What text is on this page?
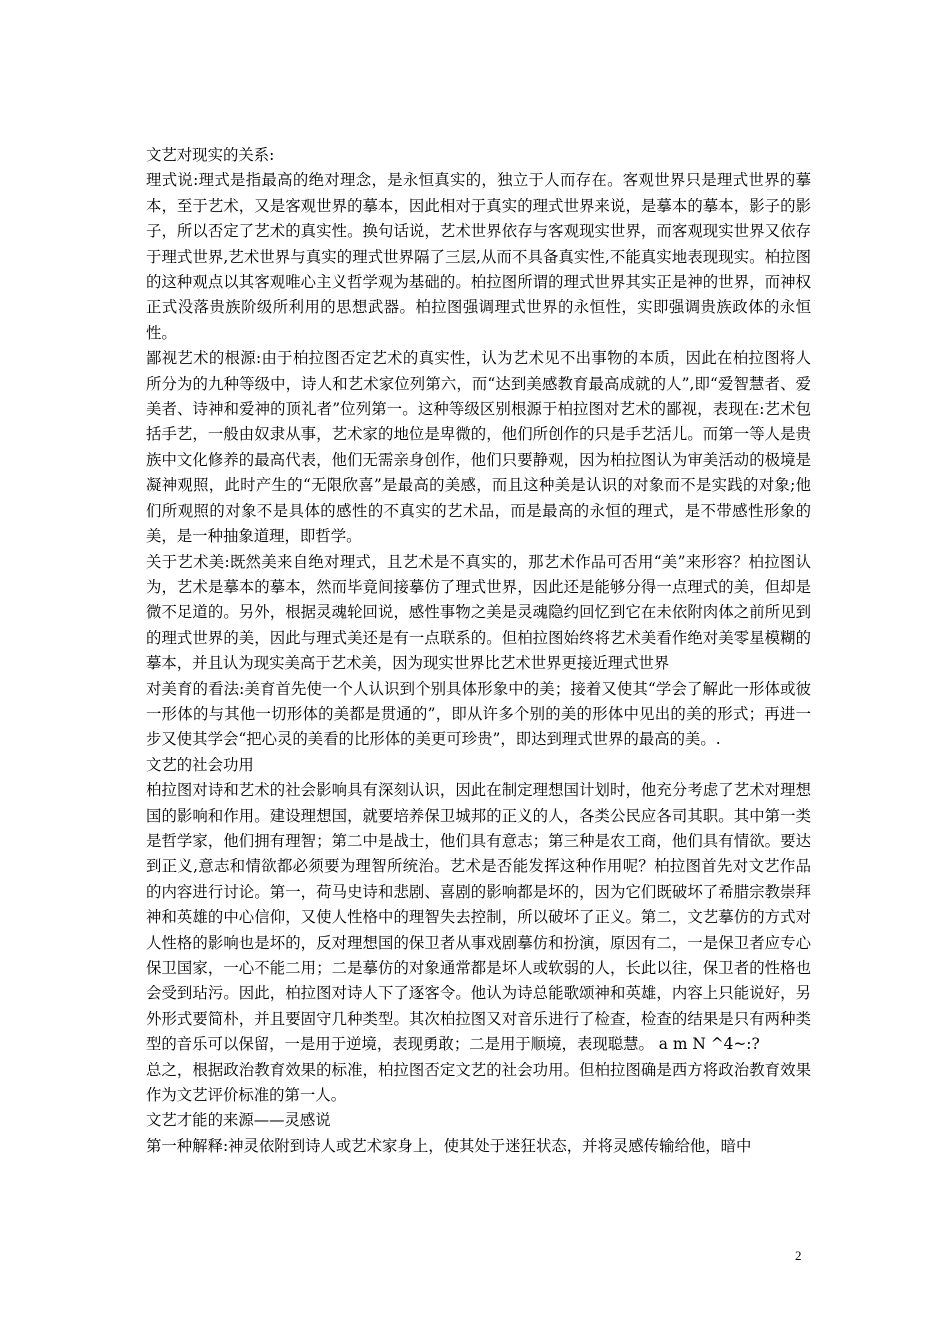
文艺对现实的关系:

理式说:理式是指最高的绝对理念，是永恒真实的，独立于人而存在。客观世界只是理式世界的摹本，至于艺术，又是客观世界的摹本，因此相对于真实的理式世界来说，是摹本的摹本，影子的影子，所以否定了艺术的真实性。换句话说，艺术世界依存与客观现实世界，而客观现实世界又依存于理式世界,艺术世界与真实的理式世界隔了三层,从而不具备真实性,不能真实地表现现实。柏拉图的这种观点以其客观唯心主义哲学观为基础的。柏拉图所谓的理式世界其实正是神的世界，而神权正式没落贵族阶级所利用的思想武器。柏拉图强调理式世界的永恒性，实即强调贵族政体的永恒性。

鄙视艺术的根源:由于柏拉图否定艺术的真实性，认为艺术见不出事物的本质，因此在柏拉图将人所分为的九种等级中，诗人和艺术家位列第六，而“达到美感教育最高成就的人”,即“爱智慧者、爱美者、诗神和爱神的顶礼者”位列第一。这种等级区别根源于柏拉图对艺术的鄙视，表现在:艺术包括手艺，一般由奴隶从事，艺术家的地位是卑微的，他们所创作的只是手艺活儿。而第一等人是贵族中文化修养的最高代表，他们无需亲身创作，他们只要静观，因为柏拉图认为审美活动的极境是凝神观照，此时产生的“无限欣喜”是最高的美感，而且这种美是认识的对象而不是实践的对象;他们所观照的对象不是具体的感性的不真实的艺术品，而是最高的永恒的理式，是不带感性形象的美，是一种抽象道理，即哲学。

关于艺术美:既然美来自绝对理式，且艺术是不真实的，那艺术作品可否用“美”来形容？柏拉图认为，艺术是摹本的摹本，然而毕竟间接摹仿了理式世界，因此还是能够分得一点理式的美，但却是微不足道的。另外，根据灵魂轮回说，感性事物之美是灵魂隐约回忆到它在未依附肉体之前所见到的理式世界的美，因此与理式美还是有一点联系的。但柏拉图始终将艺术美看作绝对美零星模糊的摹本，并且认为现实美高于艺术美，因为现实世界比艺术世界更接近理式世界

对美育的看法:美育首先使一个人认识到个别具体形象中的美；接着又使其“学会了解此一形体或彼一形体的与其他一切形体的美都是贯通的”，即从许多个别的美的形体中见出的美的形式；再进一步又使其学会“把心灵的美看的比形体的美更可珍贵”，即达到理式世界的最高的美。.

文艺的社会功用

柏拉图对诗和艺术的社会影响具有深刻认识，因此在制定理想国计划时，他充分考虑了艺术对理想国的影响和作用。建设理想国，就要培养保卫城邦的正义的人，各类公民应各司其职。其中第一类是哲学家，他们拥有理智；第二中是战士，他们具有意志；第三种是农工商，他们具有情欲。要达到正义,意志和情欲都必须要为理智所统治。艺术是否能发挥这种作用呢？柏拉图首先对文艺作品的内容进行讨论。第一，荷马史诗和悲剧、喜剧的影响都是坏的，因为它们既破坏了希腊宗教崇拜神和英雄的中心信仰，又使人性格中的理智失去控制，所以破坏了正义。第二，文艺摹仿的方式对人性格的影响也是坏的，反对理想国的保卫者从事戏剧摹仿和扮演，原因有二，一是保卫者应专心保卫国家，一心不能二用；二是摹仿的对象通常都是坏人或软弱的人，长此以往，保卫者的性格也会受到玷污。因此，柏拉图对诗人下了逐客令。他认为诗总能歌颂神和英雄，内容上只能说好，另外形式要简朴，并且要固守几种类型。其次柏拉图又对音乐进行了检查，检查的结果是只有两种类型的音乐可以保留，一是用于逆境，表现勇敢；二是用于顺境，表现聪慧。 a m N ^4~:?

总之，根据政治教育效果的标准，柏拉图否定文艺的社会功用。但柏拉图确是西方将政治教育效果作为文艺评价标准的第一人。

文艺才能的来源——灵感说

第一种解释:神灵依附到诗人或艺术家身上，使其处于迷狂状态，并将灵感传输给他，暗中

2
